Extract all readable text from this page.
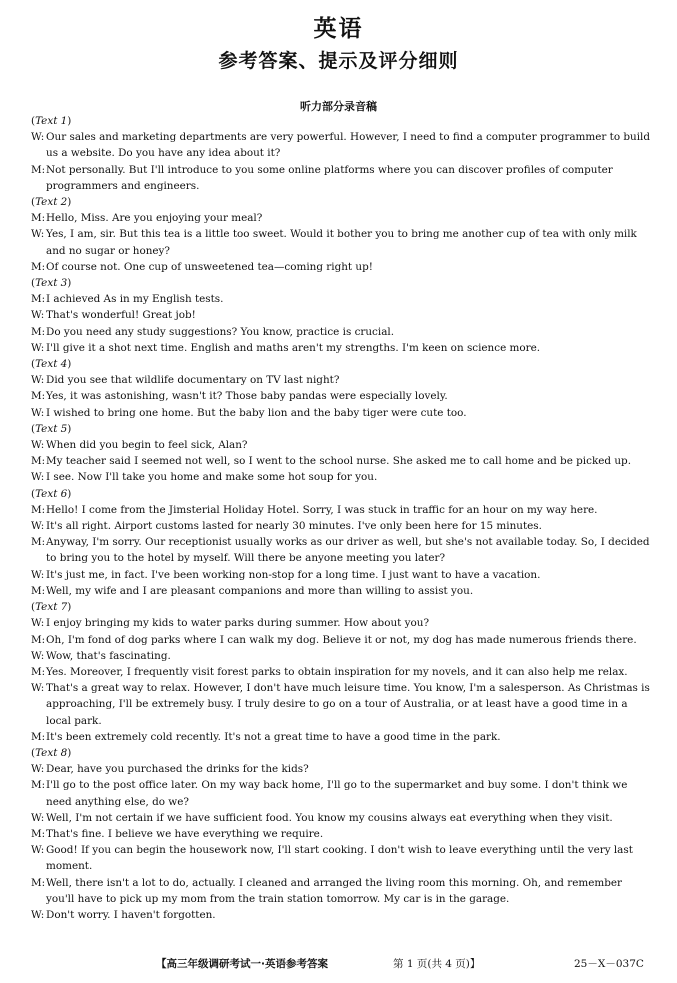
英语
参考答案、提示及评分细则
听力部分录音稿
(Text 1)
W: Our sales and marketing departments are very powerful. However, I need to find a computer programmer to build us a website. Do you have any idea about it?
M: Not personally. But I'll introduce to you some online platforms where you can discover profiles of computer programmers and engineers.
(Text 2)
M: Hello, Miss. Are you enjoying your meal?
W: Yes, I am, sir. But this tea is a little too sweet. Would it bother you to bring me another cup of tea with only milk and no sugar or honey?
M: Of course not. One cup of unsweetened tea—coming right up!
(Text 3)
M: I achieved As in my English tests.
W: That's wonderful! Great job!
M: Do you need any study suggestions? You know, practice is crucial.
W: I'll give it a shot next time. English and maths aren't my strengths. I'm keen on science more.
(Text 4)
W: Did you see that wildlife documentary on TV last night?
M: Yes, it was astonishing, wasn't it? Those baby pandas were especially lovely.
W: I wished to bring one home. But the baby lion and the baby tiger were cute too.
(Text 5)
W: When did you begin to feel sick, Alan?
M: My teacher said I seemed not well, so I went to the school nurse. She asked me to call home and be picked up.
W: I see. Now I'll take you home and make some hot soup for you.
(Text 6)
M: Hello! I come from the Jimsterial Holiday Hotel. Sorry, I was stuck in traffic for an hour on my way here.
W: It's all right. Airport customs lasted for nearly 30 minutes. I've only been here for 15 minutes.
M: Anyway, I'm sorry. Our receptionist usually works as our driver as well, but she's not available today. So, I decided to bring you to the hotel by myself. Will there be anyone meeting you later?
W: It's just me, in fact. I've been working non-stop for a long time. I just want to have a vacation.
M: Well, my wife and I are pleasant companions and more than willing to assist you.
(Text 7)
W: I enjoy bringing my kids to water parks during summer. How about you?
M: Oh, I'm fond of dog parks where I can walk my dog. Believe it or not, my dog has made numerous friends there.
W: Wow, that's fascinating.
M: Yes. Moreover, I frequently visit forest parks to obtain inspiration for my novels, and it can also help me relax.
W: That's a great way to relax. However, I don't have much leisure time. You know, I'm a salesperson. As Christmas is approaching, I'll be extremely busy. I truly desire to go on a tour of Australia, or at least have a good time in a local park.
M: It's been extremely cold recently. It's not a great time to have a good time in the park.
(Text 8)
W: Dear, have you purchased the drinks for the kids?
M: I'll go to the post office later. On my way back home, I'll go to the supermarket and buy some. I don't think we need anything else, do we?
W: Well, I'm not certain if we have sufficient food. You know my cousins always eat everything when they visit.
M: That's fine. I believe we have everything we require.
W: Good! If you can begin the housework now, I'll start cooking. I don't wish to leave everything until the very last moment.
M: Well, there isn't a lot to do, actually. I cleaned and arranged the living room this morning. Oh, and remember you'll have to pick up my mom from the train station tomorrow. My car is in the garage.
W: Don't worry. I haven't forgotten.
【高三年级调研考试一·英语参考答案	第 1 页(共 4 页)】	25－X－037C
